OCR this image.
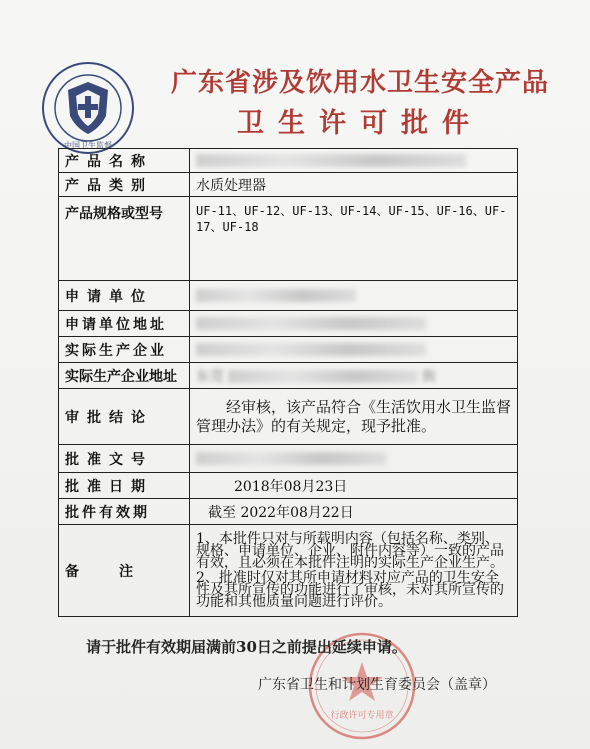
中国卫生监督
广东省涉及饮用水卫生安全产品
卫生许可批件
产品名称	
产品类别	水质处理器
产品规格或型号	UF-11、UF-12、UF-13、UF-14、UF-15、UF-16、UF-17、UF-18
申请单位	
申请单位地址	
实际生产企业	
实际生产企业地址	东莞 街
审批结论	经审核，该产品符合《生活饮用水卫生监督管理办法》的有关规定，现予批准。
批准文号	
批准日期	2018年08月23日
批件有效期	截至 2022年08月22日
备注	1、本批件只对与所载明内容（包括名称、类别、规格、申请单位、企业、附件内容等）一致的产品有效，且必须在本批件注明的实际生产企业生产。
2、批准时仅对其所申请材料对应产品的卫生安全性及其所宣传的功能进行了审核，未对其所宣传的功能和其他质量问题进行评价。
行政许可专用章
请于批件有效期届满前30日之前提出延续申请。
广东省卫生和计划生育委员会（盖章）
